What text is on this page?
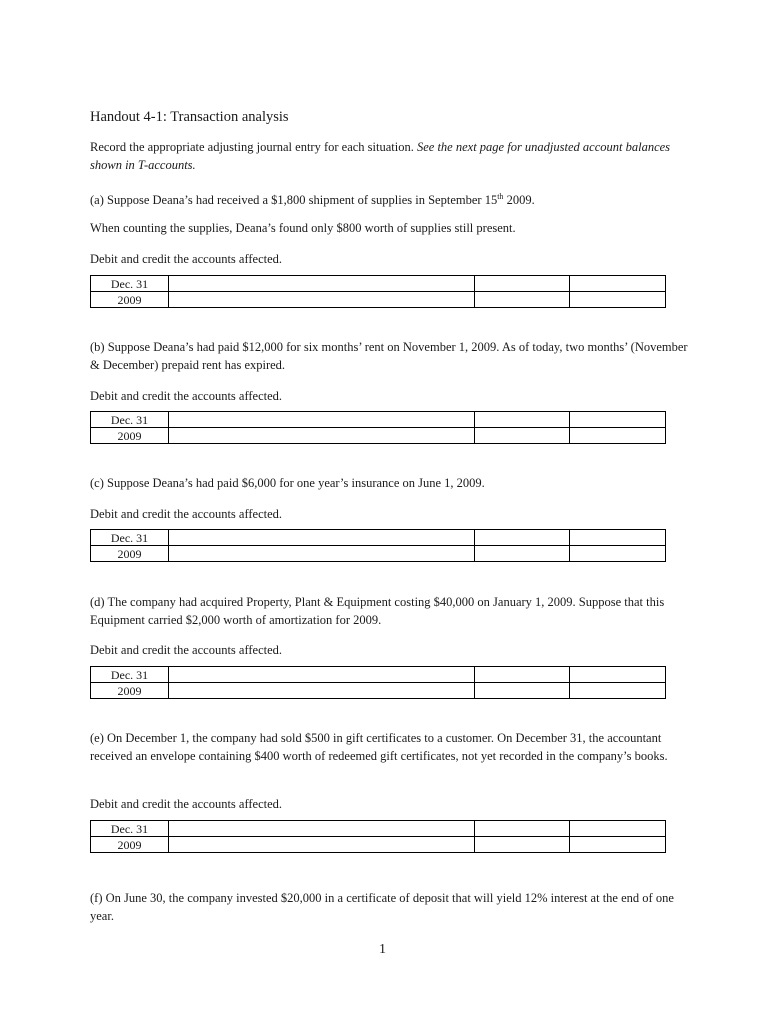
Handout 4-1: Transaction analysis

Record the appropriate adjusting journal entry for each situation. See the next page for unadjusted account balances shown in T-accounts.

(a) Suppose Deana’s had received a $1,800 shipment of supplies in September 15th 2009.

When counting the supplies, Deana’s found only $800 worth of supplies still present.

Debit and credit the accounts affected.

Dec. 31			
2009			

(b) Suppose Deana’s had paid $12,000 for six months’ rent on November 1, 2009. As of today, two months’ (November & December) prepaid rent has expired.

Debit and credit the accounts affected.

Dec. 31			
2009			

(c) Suppose Deana’s had paid $6,000 for one year’s insurance on June 1, 2009.

Debit and credit the accounts affected.

Dec. 31			
2009			

(d) The company had acquired Property, Plant & Equipment costing $40,000 on January 1, 2009. Suppose that this Equipment carried $2,000 worth of amortization for 2009.

Debit and credit the accounts affected.

Dec. 31			
2009			

(e) On December 1, the company had sold $500 in gift certificates to a customer. On December 31, the accountant received an envelope containing $400 worth of redeemed gift certificates, not yet recorded in the company’s books.

Debit and credit the accounts affected.

Dec. 31			
2009			

(f) On June 30, the company invested $20,000 in a certificate of deposit that will yield 12% interest at the end of one year.

1
